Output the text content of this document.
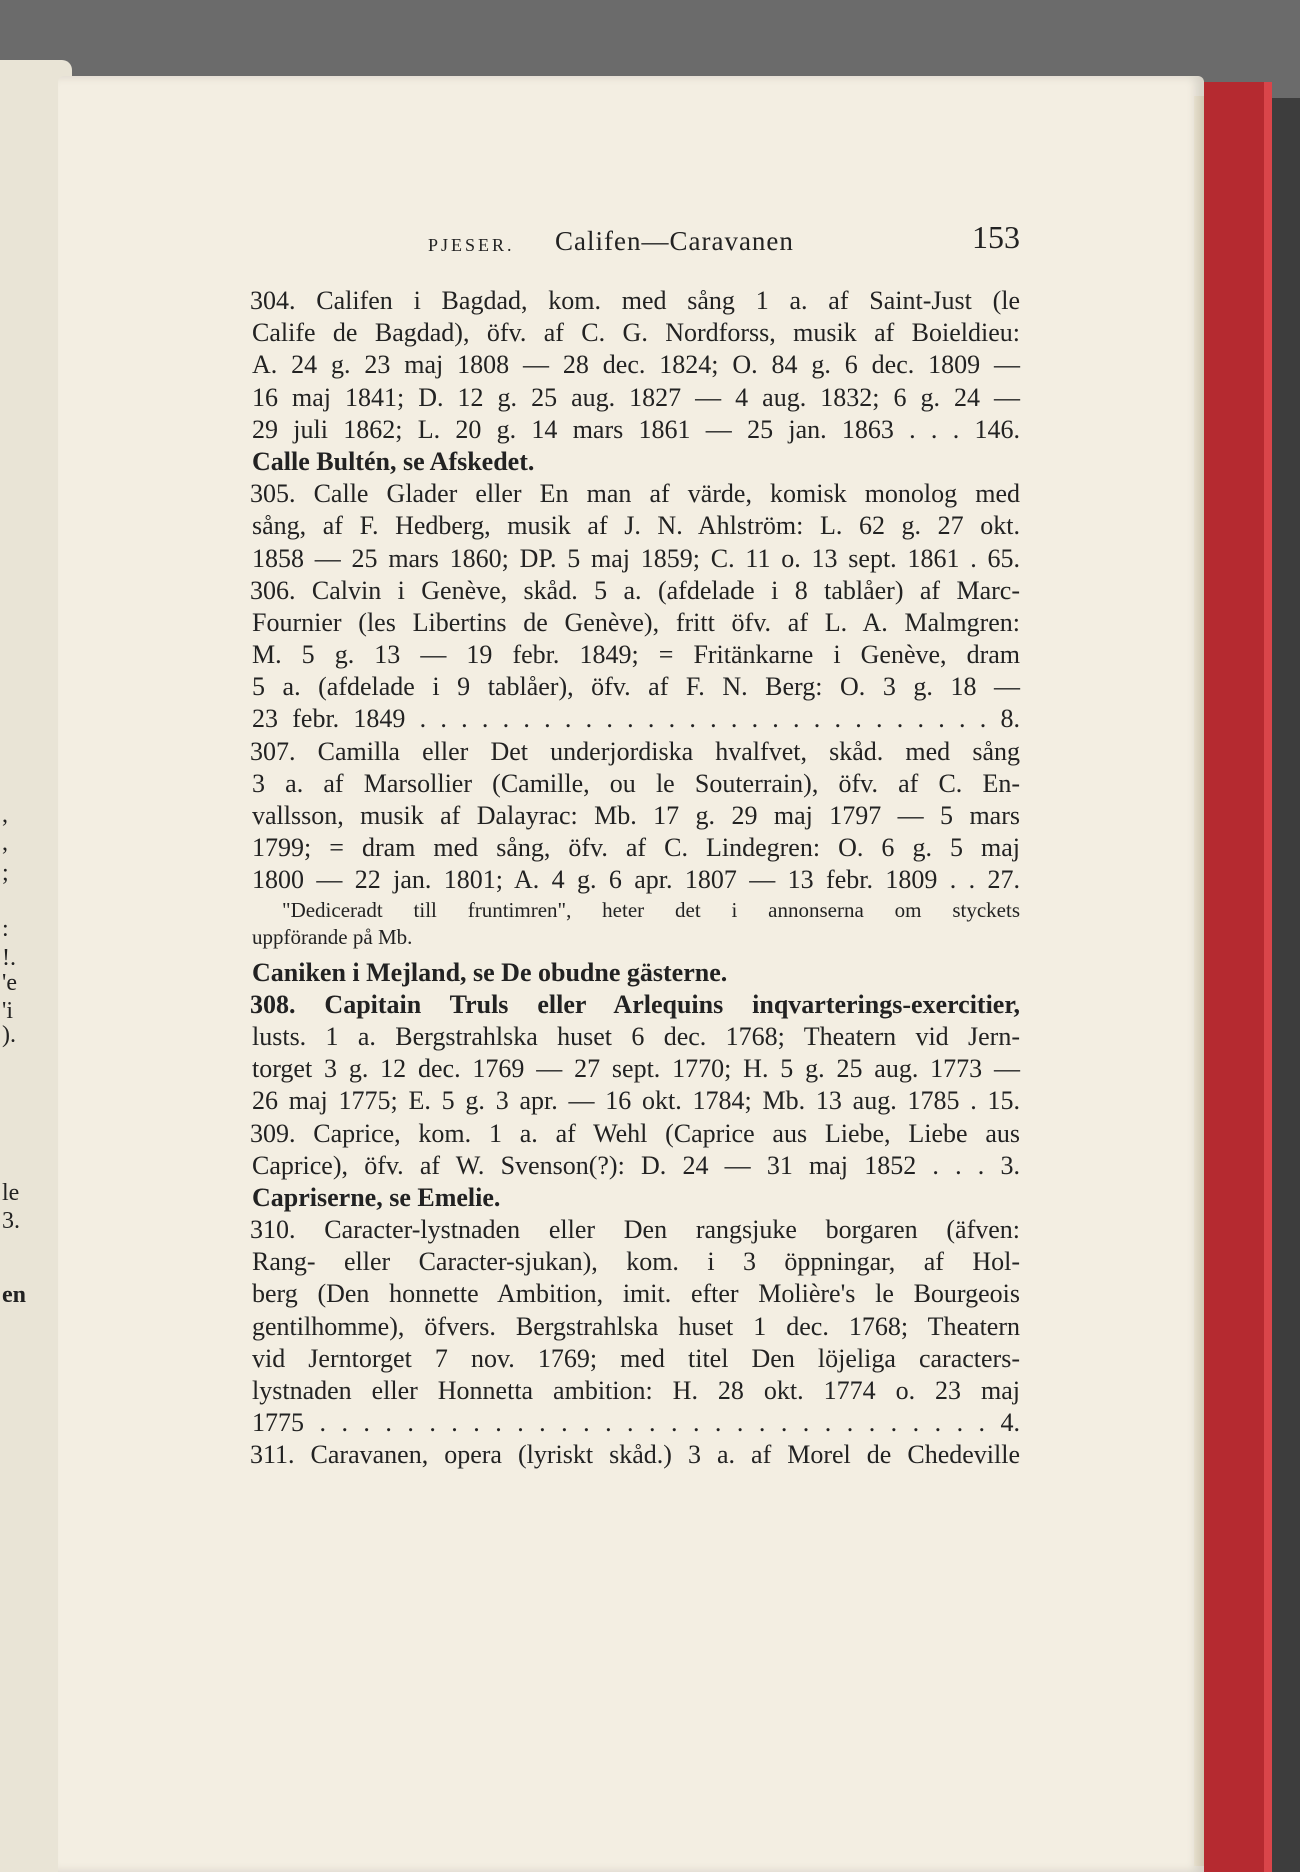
,
,
;
:
!.
'e
'i
).
le
3.
en
PJESER. Califen—Caravanen	153
304. Califen i Bagdad, kom. med sång 1 a. af Saint-Just (le
Calife de Bagdad), öfv. af C. G. Nordforss, musik af Boieldieu:
A. 24 g. 23 maj 1808 — 28 dec. 1824; O. 84 g. 6 dec. 1809 —
16 maj 1841; D. 12 g. 25 aug. 1827 — 4 aug. 1832; 6 g. 24 —
29 juli 1862; L. 20 g. 14 mars 1861 — 25 jan. 1863 . . . 146.
Calle Bultén, se Afskedet.
305. Calle Glader eller En man af värde, komisk monolog med
sång, af F. Hedberg, musik af J. N. Ahlström: L. 62 g. 27 okt.
1858 — 25 mars 1860; DP. 5 maj 1859; C. 11 o. 13 sept. 1861 . 65.
306. Calvin i Genève, skåd. 5 a. (afdelade i 8 tablåer) af Marc-
Fournier (les Libertins de Genève), fritt öfv. af L. A. Malmgren:
M. 5 g. 13 — 19 febr. 1849; = Fritänkarne i Genève, dram
5 a. (afdelade i 9 tablåer), öfv. af F. N. Berg: O. 3 g. 18 —
23 febr. 1849 . . . . . . . . . . . . . . . . . . . . . . . . . . . . 8.
307. Camilla eller Det underjordiska hvalfvet, skåd. med sång
3 a. af Marsollier (Camille, ou le Souterrain), öfv. af C. En-
vallsson, musik af Dalayrac: Mb. 17 g. 29 maj 1797 — 5 mars
1799; = dram med sång, öfv. af C. Lindegren: O. 6 g. 5 maj
1800 — 22 jan. 1801; A. 4 g. 6 apr. 1807 — 13 febr. 1809 . . 27.
"Dediceradt till fruntimren", heter det i annonserna om styckets
uppförande på Mb.
Caniken i Mejland, se De obudne gästerne.
308. Capitain Truls eller Arlequins inqvarterings-exercitier,
lusts. 1 a. Bergstrahlska huset 6 dec. 1768; Theatern vid Jern-
torget 3 g. 12 dec. 1769 — 27 sept. 1770; H. 5 g. 25 aug. 1773 —
26 maj 1775; E. 5 g. 3 apr. — 16 okt. 1784; Mb. 13 aug. 1785 . 15.
309. Caprice, kom. 1 a. af Wehl (Caprice aus Liebe, Liebe aus
Caprice), öfv. af W. Svenson(?): D. 24 — 31 maj 1852 . . . 3.
Capriserne, se Emelie.
310. Caracter-lystnaden eller Den rangsjuke borgaren (äfven:
Rang- eller Caracter-sjukan), kom. i 3 öppningar, af Hol-
berg (Den honnette Ambition, imit. efter Molière's le Bourgeois
gentilhomme), öfvers. Bergstrahlska huset 1 dec. 1768; Theatern
vid Jerntorget 7 nov. 1769; med titel Den löjeliga caracters-
lystnaden eller Honnetta ambition: H. 28 okt. 1774 o. 23 maj
1775 . . . . . . . . . . . . . . . . . . . . . . . . . . . . . . . 4.
311. Caravanen, opera (lyriskt skåd.) 3 a. af Morel de Chedeville
